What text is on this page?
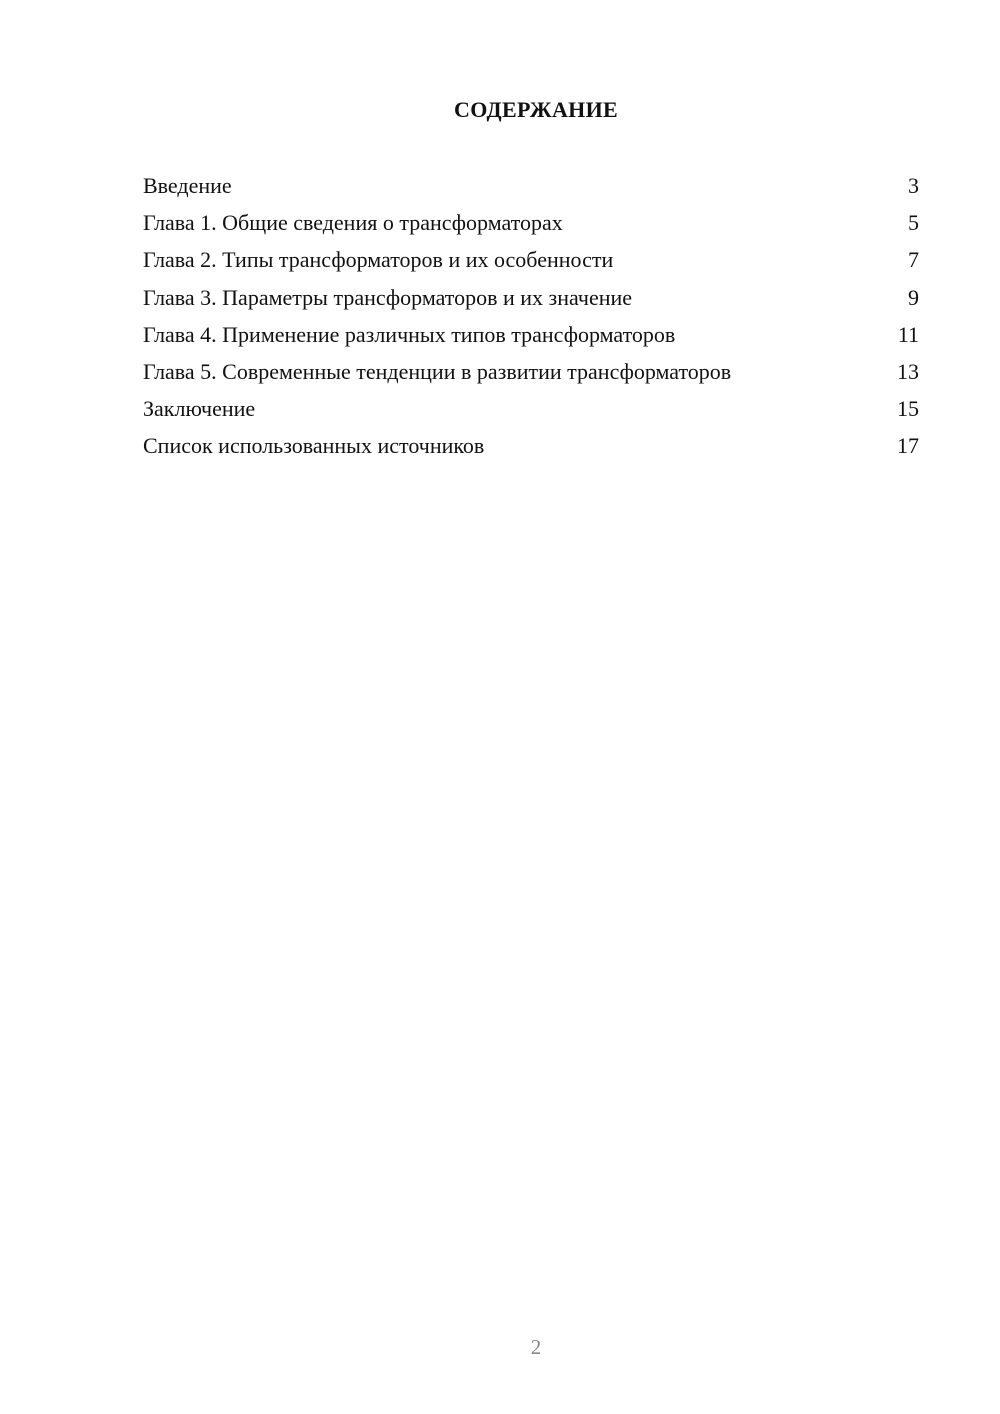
СОДЕРЖАНИЕ
Введение	3
Глава 1. Общие сведения о трансформаторах	5
Глава 2. Типы трансформаторов и их особенности	7
Глава 3. Параметры трансформаторов и их значение	9
Глава 4. Применение различных типов трансформаторов	11
Глава 5. Современные тенденции в развитии трансформаторов	13
Заключение	15
Список использованных источников	17
2
